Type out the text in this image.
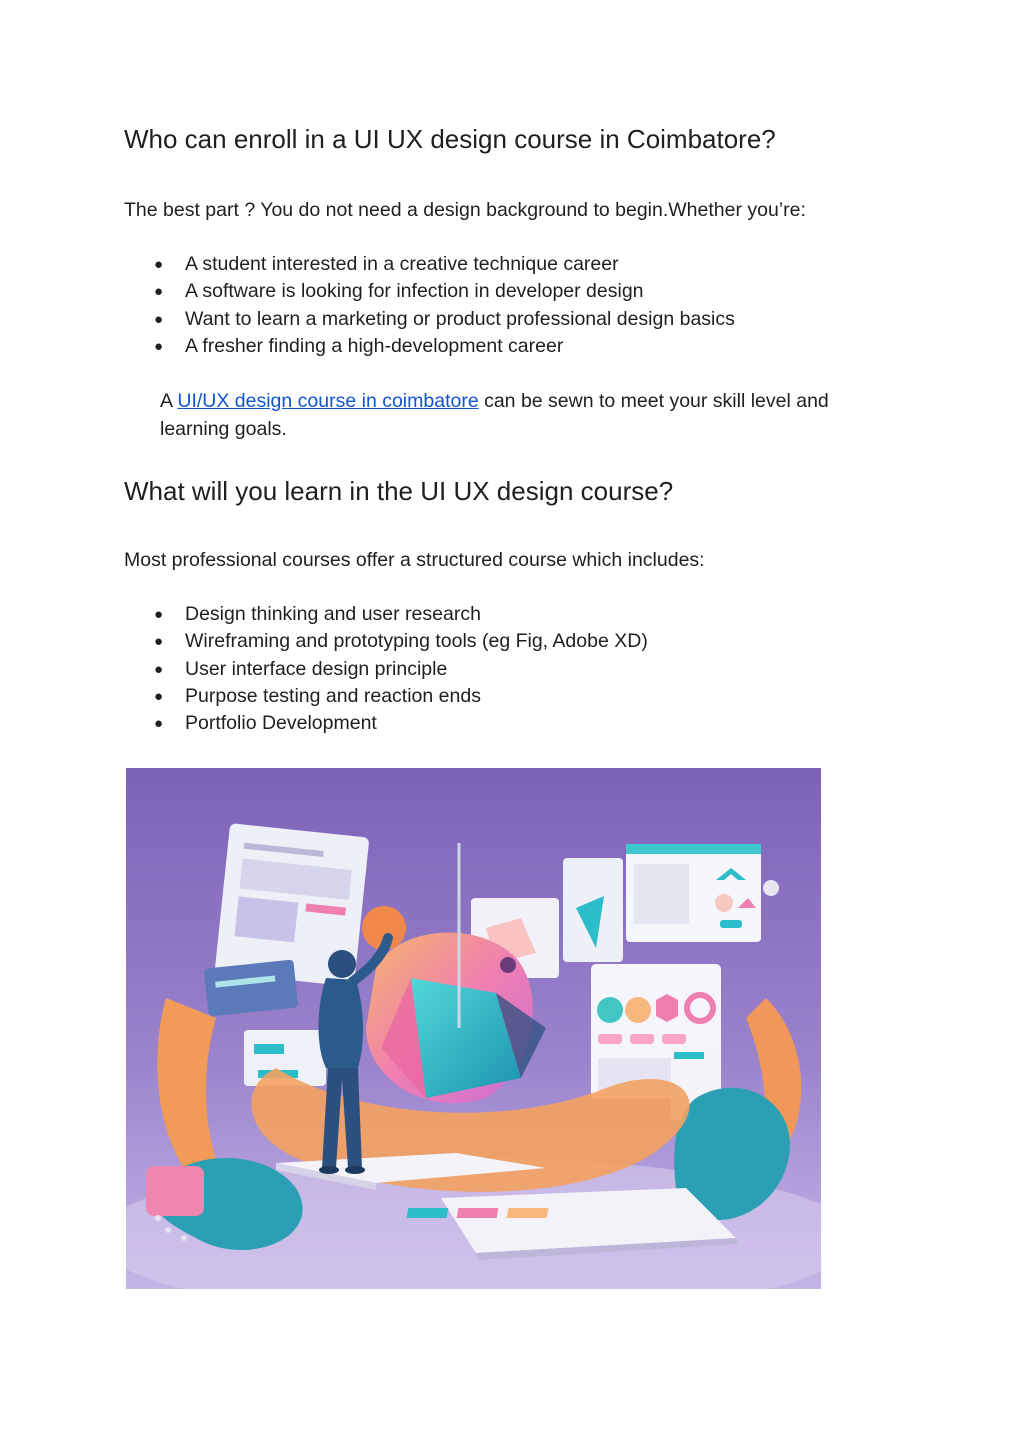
Who can enroll in a UI UX design course in Coimbatore?

The best part ? You do not need a design background to begin.Whether you’re:

● A student interested in a creative technique career
● A software is looking for infection in developer design
● Want to learn a marketing or product professional design basics
● A fresher finding a high-development career

A UI/UX design course in coimbatore can be sewn to meet your skill level and learning goals.

What will you learn in the UI UX design course?

Most professional courses offer a structured course which includes:

● Design thinking and user research
● Wireframing and prototyping tools (eg Fig, Adobe XD)
● User interface design principle
● Purpose testing and reaction ends
● Portfolio Development
